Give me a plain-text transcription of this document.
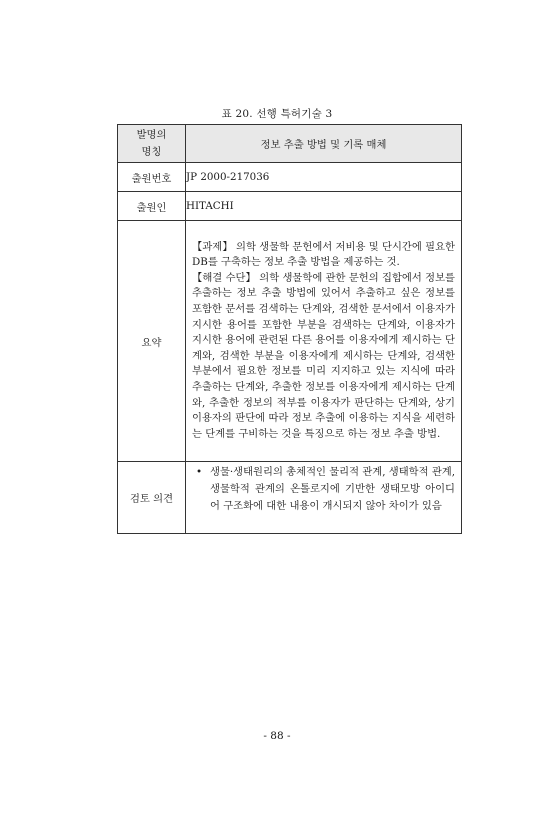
표 20. 선행 특허기술 3
발명의
명칭	정보 추출 방법 및 기록 매체
출원번호	JP 2000-217036
출원인	HITACHI
요약	【과제】 의학 생물학 문헌에서 저비용 및 단시간에 필요한 DB를 구축하는 정보 추출 방법을 제공하는 것.

【해결 수단】 의학 생물학에 관한 문헌의 집합에서 정보를 추출하는 정보 추출 방법에 있어서 추출하고 싶은 정보를 포함한 문서를 검색하는 단계와, 검색한 문서에서 이용자가 지시한 용어를 포함한 부분을 검색하는 단계와, 이용자가 지시한 용어에 관련된 다른 용어를 이용자에게 제시하는 단계와, 검색한 부분을 이용자에게 제시하는 단계와, 검색한 부분에서 필요한 정보를 미리 지지하고 있는 지식에 따라 추출하는 단계와, 추출한 정보를 이용자에게 제시하는 단계와, 추출한 정보의 적부를 이용자가 판단하는 단계와, 상기 이용자의 판단에 따라 정보 추출에 이용하는 지식을 세련하는 단계를 구비하는 것을 특징으로 하는 정보 추출 방법.

검토 의견	• 생물·생태원리의 총체적인 물리적 관계, 생태학적 관계, 생물학적 관계의 온톨로지에 기반한 생태모방 아이디어 구조화에 대한 내용이 개시되지 않아 차이가 있음

- 88 -
